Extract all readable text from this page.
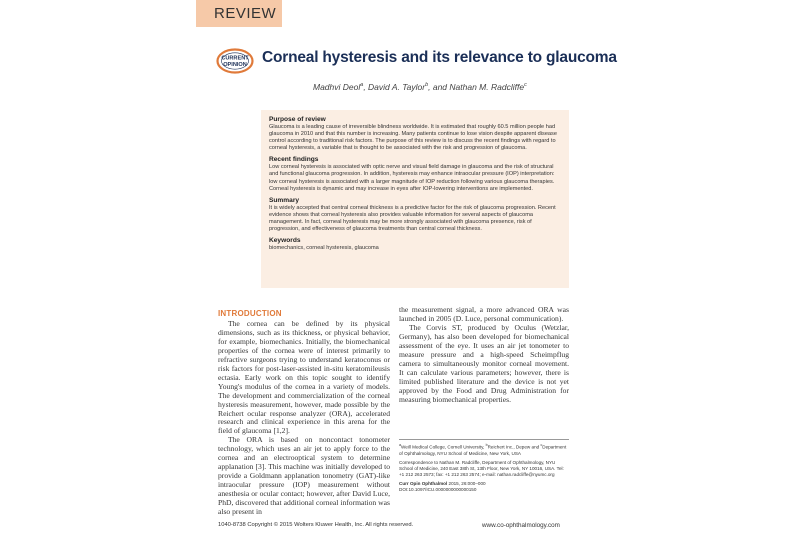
REVIEW
CURRENT
OPINION Corneal hysteresis and its relevance to glaucoma
Madhvi Deol$^a$, David A. Taylor$^b$, and Nathan M. Radcliffe$^c$
Purpose of review

Glaucoma is a leading cause of irreversible blindness worldwide. It is estimated that roughly 60.5 million people had glaucoma in 2010 and that this number is increasing. Many patients continue to lose vision despite apparent disease control according to traditional risk factors. The purpose of this review is to discuss the recent findings with regard to corneal hysteresis, a variable that is thought to be associated with the risk and progression of glaucoma.

Recent findings

Low corneal hysteresis is associated with optic nerve and visual field damage in glaucoma and the risk of structural and functional glaucoma progression. In addition, hysteresis may enhance intraocular pressure (IOP) interpretation: low corneal hysteresis is associated with a larger magnitude of IOP reduction following various glaucoma therapies. Corneal hysteresis is dynamic and may increase in eyes after IOP-lowering interventions are implemented.

Summary

It is widely accepted that central corneal thickness is a predictive factor for the risk of glaucoma progression. Recent evidence shows that corneal hysteresis also provides valuable information for several aspects of glaucoma management. In fact, corneal hysteresis may be more strongly associated with glaucoma presence, risk of progression, and effectiveness of glaucoma treatments than central corneal thickness.

Keywords

biomechanics, corneal hysteresis, glaucoma

INTRODUCTION

The cornea can be defined by its physical dimensions, such as its thickness, or physical behavior, for example, biomechanics. Initially, the biomechanical properties of the cornea were of interest primarily to refractive surgeons trying to understand keratoconus or risk factors for post-laser-assisted in-situ keratomileusis ectasia. Early work on this topic sought to identify Young's modulus of the cornea in a variety of models. The development and commercialization of the corneal hysteresis measurement, however, made possible by the Reichert ocular response analyzer (ORA), accelerated research and clinical experience in this arena for the field of glaucoma [1,2].

The ORA is based on noncontact tonometer technology, which uses an air jet to apply force to the cornea and an electrooptical system to determine applanation [3]. This machine was initially developed to provide a Goldmann applanation tonometry (GAT)-like intraocular pressure (IOP) measurement without anesthesia or ocular contact; however, after David Luce, PhD, discovered that additional corneal information was also present in

the measurement signal, a more advanced ORA was launched in 2005 (D. Luce, personal communication).

The Corvis ST, produced by Oculus (Wetzlar, Germany), has also been developed for biomechanical assessment of the eye. It uses an air jet tonometer to measure pressure and a high-speed Scheimpflug camera to simultaneously monitor corneal movement. It can calculate various parameters; however, there is limited published literature and the device is not yet approved by the Food and Drug Administration for measuring biomechanical properties.

$^a$Weill Medical College, Cornell University, $^b$Reichert Inc., Depew and $^c$Department of Ophthalmology, NYU School of Medicine, New York, USA

Correspondence to Nathan M. Radcliffe, Department of Ophthalmology, NYU School of Medicine, 240 East 38th St, 13th Floor, New York, NY 10016, USA. Tel: +1 212 263 2573; fax: +1 212 263 2574; e-mail: nathan.radcliffe@nyumc.org

Curr Opin Ophthalmol 2015, 26:000–000

DOI:10.1097/ICU.0000000000000150

1040-8738 Copyright © 2015 Wolters Kluwer Health, Inc. All rights reserved.	www.co-ophthalmology.com
